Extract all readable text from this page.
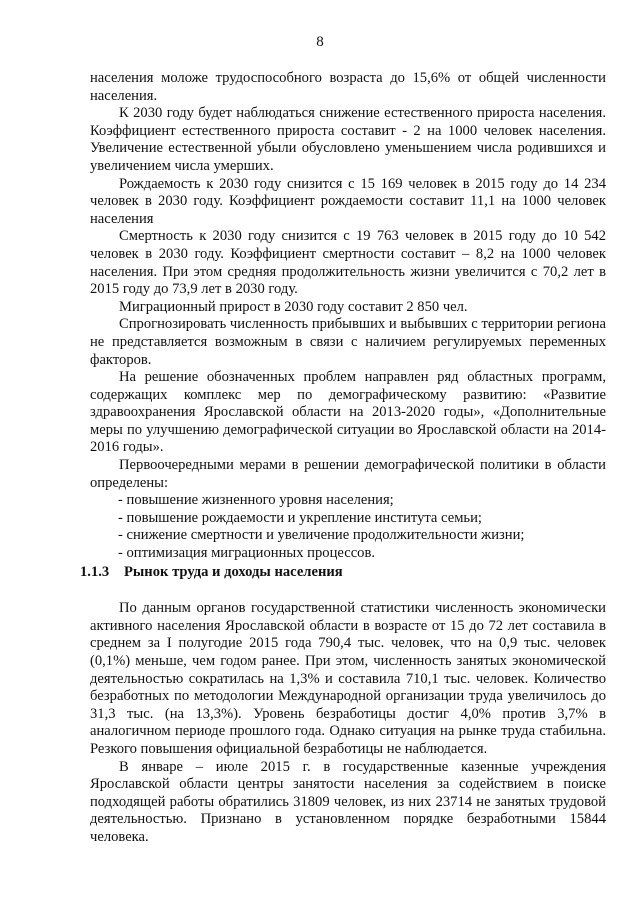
8

населения моложе трудоспособного возраста до 15,6% от общей численности населения.

К 2030 году будет наблюдаться снижение естественного прироста населения. Коэффициент естественного прироста составит - 2 на 1000 человек населения. Увеличение естественной убыли обусловлено уменьшением числа родившихся и увеличением числа умерших.

Рождаемость к 2030 году снизится с 15 169 человек в 2015 году до 14 234 человек в 2030 году. Коэффициент рождаемости составит 11,1 на 1000 человек населения

Смертность к 2030 году снизится с 19 763 человек в 2015 году до 10 542 человек в 2030 году. Коэффициент смертности составит – 8,2 на 1000 человек населения. При этом средняя продолжительность жизни увеличится с 70,2 лет в 2015 году до 73,9 лет в 2030 году.

Миграционный прирост в 2030 году составит 2 850 чел.

Спрогнозировать численность прибывших и выбывших с территории региона не представляется возможным в связи с наличием регулируемых переменных факторов.

На решение обозначенных проблем направлен ряд областных программ, содержащих комплекс мер по демографическому развитию: «Развитие здравоохранения Ярославской области на 2013-2020 годы», «Дополнительные меры по улучшению демографической ситуации во Ярославской области на 2014-2016 годы».

Первоочередными мерами в решении демографической политики в области определены:

- повышение жизненного уровня населения;

- повышение рождаемости и укрепление института семьи;

- снижение смертности и увеличение продолжительности жизни;

- оптимизация миграционных процессов.

1.1.3 Рынок труда и доходы населения

По данным органов государственной статистики численность экономически активного населения Ярославской области в возрасте от 15 до 72 лет составила в среднем за I полугодие 2015 года 790,4 тыс. человек, что на 0,9 тыс. человек (0,1%) меньше, чем годом ранее. При этом, численность занятых экономической деятельностью сократилась на 1,3% и составила 710,1 тыс. человек. Количество безработных по методологии Международной организации труда увеличилось до 31,3 тыс. (на 13,3%). Уровень безработицы достиг 4,0% против 3,7% в аналогичном периоде прошлого года. Однако ситуация на рынке труда стабильна. Резкого повышения официальной безработицы не наблюдается.

В январе – июле 2015 г. в государственные казенные учреждения Ярославской области центры занятости населения за содействием в поиске подходящей работы обратились 31809 человек, из них 23714 не занятых трудовой деятельностью. Признано в установленном порядке безработными 15844 человека.
